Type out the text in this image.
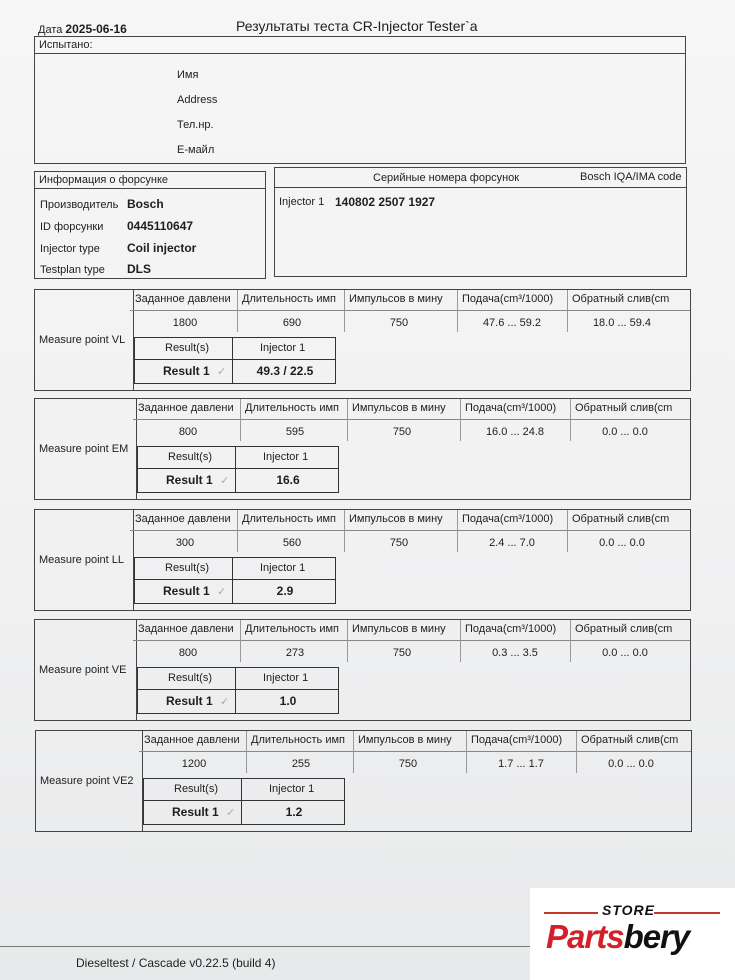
Дата 2025-06-16	Результаты теста CR-Injector Tester`a
Испытано:
Имя
Address
Тел.нр.
E-майл
Информация о форсунке
Производитель Bosch
ID форсунки 0445110647
Injector type Coil injector
Testplan type DLS
Серийные номера форсунок	Bosch IQA/IMA code
Injector 1 140802 2507 1927
Measure point VL
Заданное давлени	Длительность имп	Импульсов в мину	Подача(cm³/1000)	Обратный слив(cm
1800	690	750	47.6 ... 59.2	18.0 ... 59.4
Result(s)	Injector 1
Result 1 ✓	49.3 / 22.5
Measure point EM
Заданное давлени	Длительность имп	Импульсов в мину	Подача(cm³/1000)	Обратный слив(cm
800	595	750	16.0 ... 24.8	0.0 ... 0.0
Result(s)	Injector 1
Result 1 ✓	16.6
Measure point LL
Заданное давлени	Длительность имп	Импульсов в мину	Подача(cm³/1000)	Обратный слив(cm
300	560	750	2.4 ... 7.0	0.0 ... 0.0
Result(s)	Injector 1
Result 1 ✓	2.9
Measure point VE
Заданное давлени	Длительность имп	Импульсов в мину	Подача(cm³/1000)	Обратный слив(cm
800	273	750	0.3 ... 3.5	0.0 ... 0.0
Result(s)	Injector 1
Result 1 ✓	1.0
Measure point VE2
Заданное давлени	Длительность имп	Импульсов в мину	Подача(cm³/1000)	Обратный слив(cm
1200	255	750	1.7 ... 1.7	0.0 ... 0.0
Result(s)	Injector 1
Result 1 ✓	1.2
Dieseltest / Cascade v0.22.5 (build 4)
STORE
Partsbery
